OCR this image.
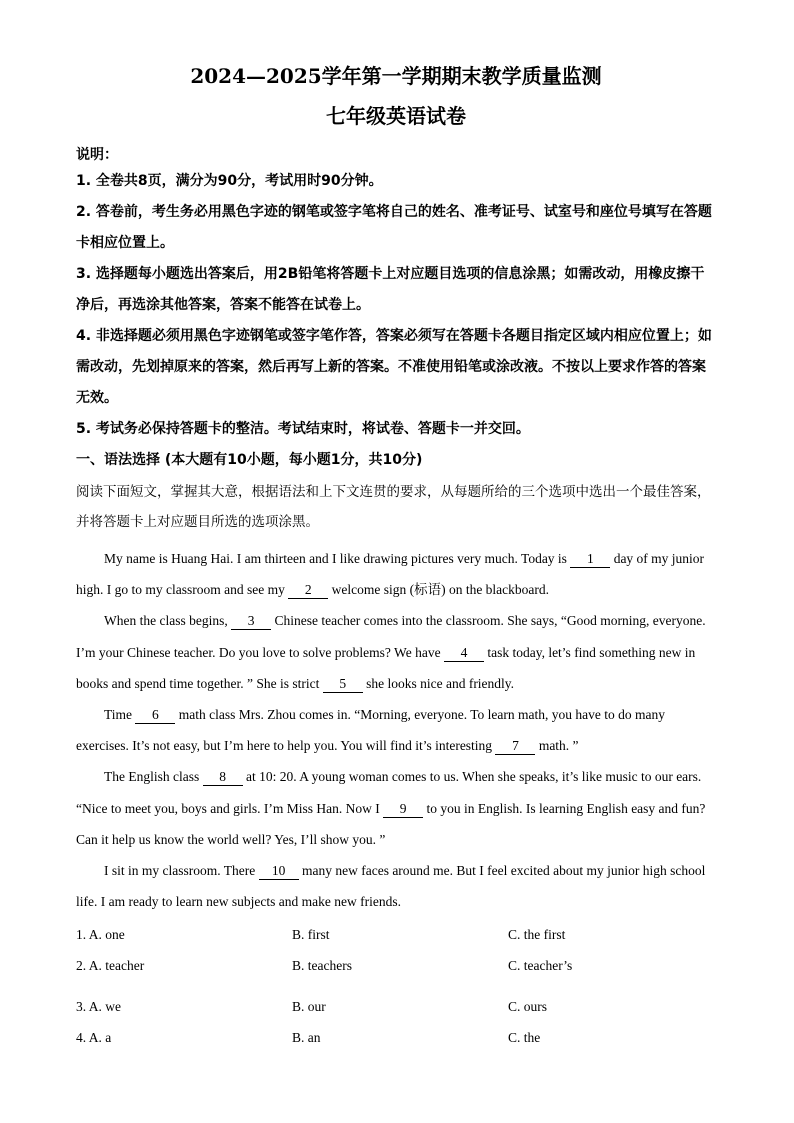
2024—2025学年第一学期期末教学质量监测
七年级英语试卷
说明：
1. 全卷共8页，满分为90分，考试用时90分钟。
2. 答卷前，考生务必用黑色字迹的钢笔或签字笔将自己的姓名、准考证号、试室号和座位号填写在答题卡相应位置上。
3. 选择题每小题选出答案后，用2B铅笔将答题卡上对应题目选项的信息涂黑；如需改动，用橡皮擦干净后，再选涂其他答案，答案不能答在试卷上。
4. 非选择题必须用黑色字迹钢笔或签字笔作答，答案必须写在答题卡各题目指定区域内相应位置上；如需改动，先划掉原来的答案，然后再写上新的答案。不准使用铅笔或涂改液。不按以上要求作答的答案无效。
5. 考试务必保持答题卡的整洁。考试结束时，将试卷、答题卡一并交回。
一、语法选择 (本大题有10小题，每小题1分，共10分)
阅读下面短文，掌握其大意，根据语法和上下文连贯的要求，从每题所给的三个选项中选出一个最佳答案，并将答题卡上对应题目所选的选项涂黑。

My name is Huang Hai. I am thirteen and I like drawing pictures very much. Today is 1 day of my junior high. I go to my classroom and see my 2 welcome sign (标语) on the blackboard.

When the class begins, 3 Chinese teacher comes into the classroom. She says, “Good morning, everyone. I’m your Chinese teacher. Do you love to solve problems? We have 4 task today, let’s find something new in books and spend time together. ” She is strict 5 she looks nice and friendly.

Time 6 math class Mrs. Zhou comes in. “Morning, everyone. To learn math, you have to do many exercises. It’s not easy, but I’m here to help you. You will find it’s interesting 7 math. ”

The English class 8 at 10: 20. A young woman comes to us. When she speaks, it’s like music to our ears. “Nice to meet you, boys and girls. I’m Miss Han. Now I 9 to you in English. Is learning English easy and fun? Can it help us know the world well? Yes, I’ll show you. ”

I sit in my classroom. There 10 many new faces around me. But I feel excited about my junior high school life. I am ready to learn new subjects and make new friends.

1. A. one	B. first	C. the first
2. A. teacher	B. teachers	C. teacher’s
3. A. we	B. our	C. ours
4. A. a	B. an	C. the
